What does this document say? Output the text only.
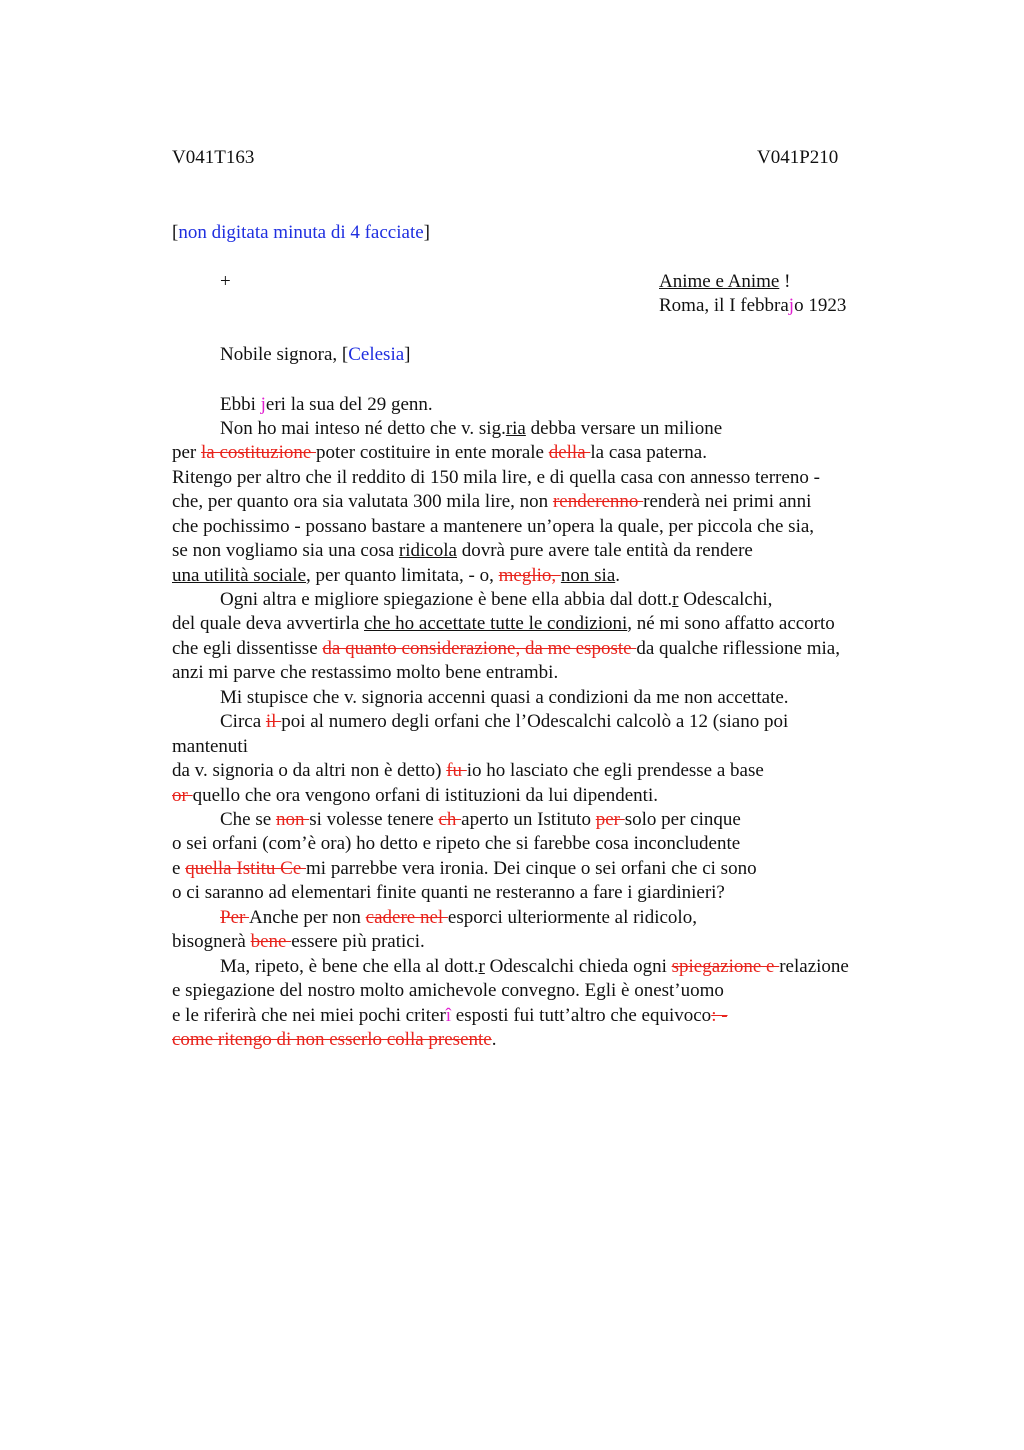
V041T163	V041P210
[non digitata minuta di 4 facciate]
+	Anime e Anime !
Roma, il I febbrajo 1923
Nobile signora, [Celesia]
Ebbi jeri la sua del 29 genn.
Non ho mai inteso né detto che v. sig.ria debba versare un milione
per la costituzione poter costituire in ente morale della la casa paterna.
Ritengo per altro che il reddito di 150 mila lire, e di quella casa con annesso terreno -
che, per quanto ora sia valutata 300 mila lire, non renderenno renderà nei primi anni
che pochissimo - possano bastare a mantenere un’opera la quale, per piccola che sia,
se non vogliamo sia una cosa ridicola dovrà pure avere tale entità da rendere
una utilità sociale, per quanto limitata, - o, meglio, non sia.
Ogni altra e migliore spiegazione è bene ella abbia dal dott.r Odescalchi,
del quale deva avvertirla che ho accettate tutte le condizioni, né mi sono affatto accorto
che egli dissentisse da quanto considerazione, da me esposte da qualche riflessione mia,
anzi mi parve che restassimo molto bene entrambi.
Mi stupisce che v. signoria accenni quasi a condizioni da me non accettate.
Circa il poi al numero degli orfani che l’Odescalchi calcolò a 12 (siano poi
mantenuti
da v. signoria o da altri non è detto) fu io ho lasciato che egli prendesse a base
or quello che ora vengono orfani di istituzioni da lui dipendenti.
Che se non si volesse tenere ch aperto un Istituto per solo per cinque
o sei orfani (com’è ora) ho detto e ripeto che si farebbe cosa inconcludente
e quella Istitu Ce mi parrebbe vera ironia. Dei cinque o sei orfani che ci sono
o ci saranno ad elementari finite quanti ne resteranno a fare i giardinieri?
Per Anche per non cadere nel esporci ulteriormente al ridicolo,
bisognerà bene essere più pratici.
Ma, ripeto, è bene che ella al dott.r Odescalchi chieda ogni spiegazione e relazione
e spiegazione del nostro molto amichevole convegno. Egli è onest’uomo
e le riferirà che nei miei pochi criterî esposti fui tutt’altro che equivoco: -
come ritengo di non esserlo colla presente.
